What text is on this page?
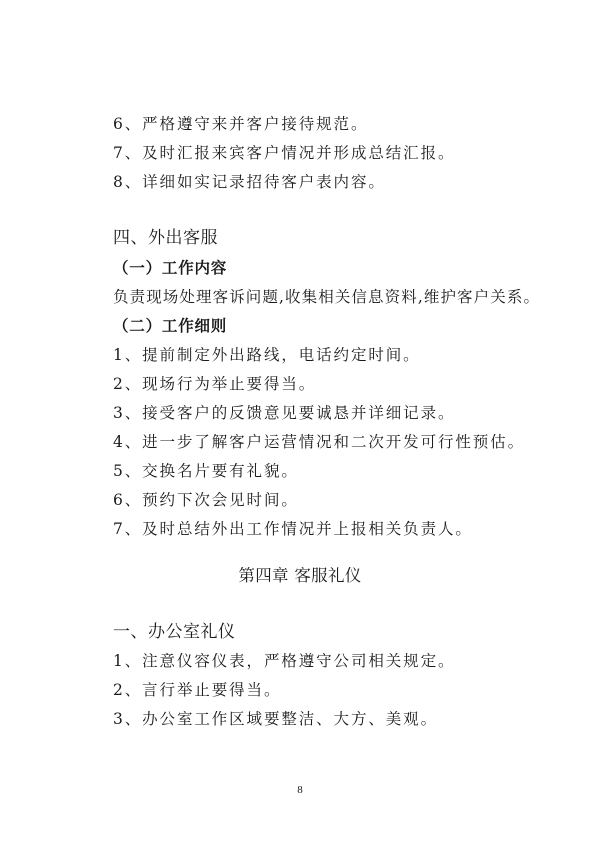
6、严格遵守来并客户接待规范。
7、及时汇报来宾客户情况并形成总结汇报。
8、详细如实记录招待客户表内容。
四、外出客服
（一）工作内容
负责现场处理客诉问题,收集相关信息资料,维护客户关系。
（二）工作细则
1、提前制定外出路线，电话约定时间。
2、现场行为举止要得当。
3、接受客户的反馈意见要诚恳并详细记录。
4、进一步了解客户运营情况和二次开发可行性预估。
5、交换名片要有礼貌。
6、预约下次会见时间。
7、及时总结外出工作情况并上报相关负责人。
第四章 客服礼仪
一、办公室礼仪
1、注意仪容仪表，严格遵守公司相关规定。
2、言行举止要得当。
3、办公室工作区域要整洁、大方、美观。
8
